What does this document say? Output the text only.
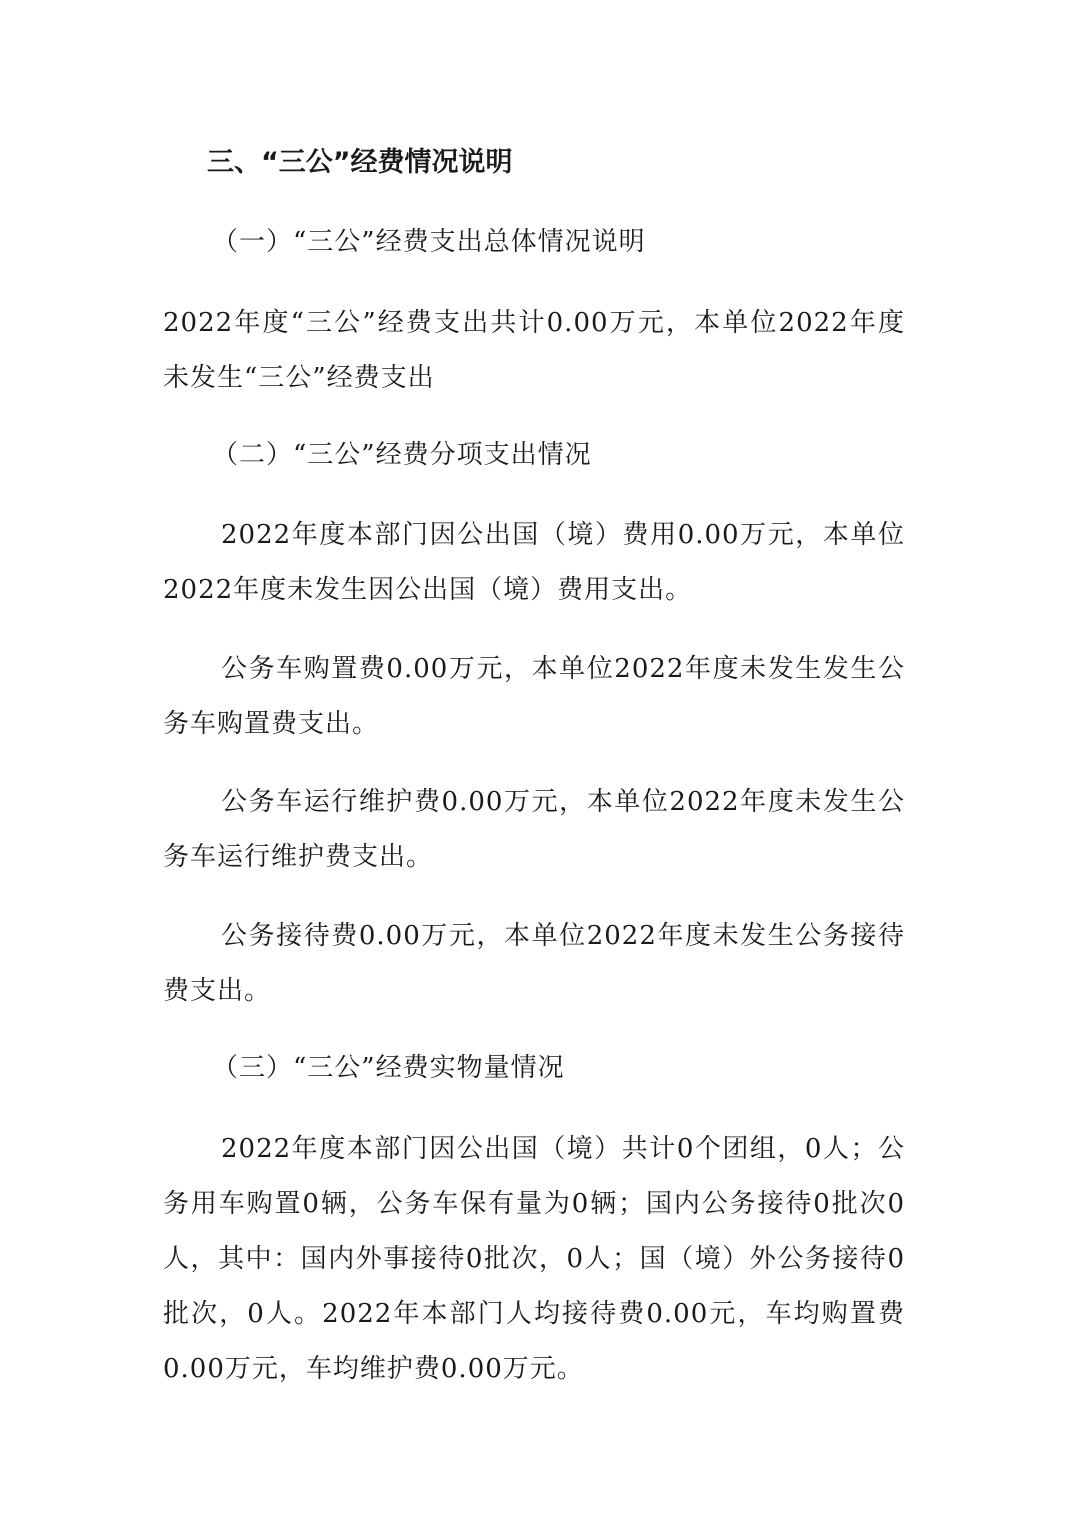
三、“三公”经费情况说明
（一）“三公”经费支出总体情况说明
2022年度“三公”经费支出共计0.00万元，本单位2022年度未发生“三公”经费支出
（二）“三公”经费分项支出情况
2022年度本部门因公出国（境）费用0.00万元，本单位2022年度未发生因公出国（境）费用支出。
公务车购置费0.00万元，本单位2022年度未发生发生公务车购置费支出。
公务车运行维护费0.00万元，本单位2022年度未发生公务车运行维护费支出。
公务接待费0.00万元，本单位2022年度未发生公务接待费支出。
（三）“三公”经费实物量情况
2022年度本部门因公出国（境）共计0个团组，0人；公务用车购置0辆，公务车保有量为0辆；国内公务接待0批次0人，其中：国内外事接待0批次，0人；国（境）外公务接待0批次，0人。2022年本部门人均接待费0.00元，车均购置费0.00万元，车均维护费0.00万元。
